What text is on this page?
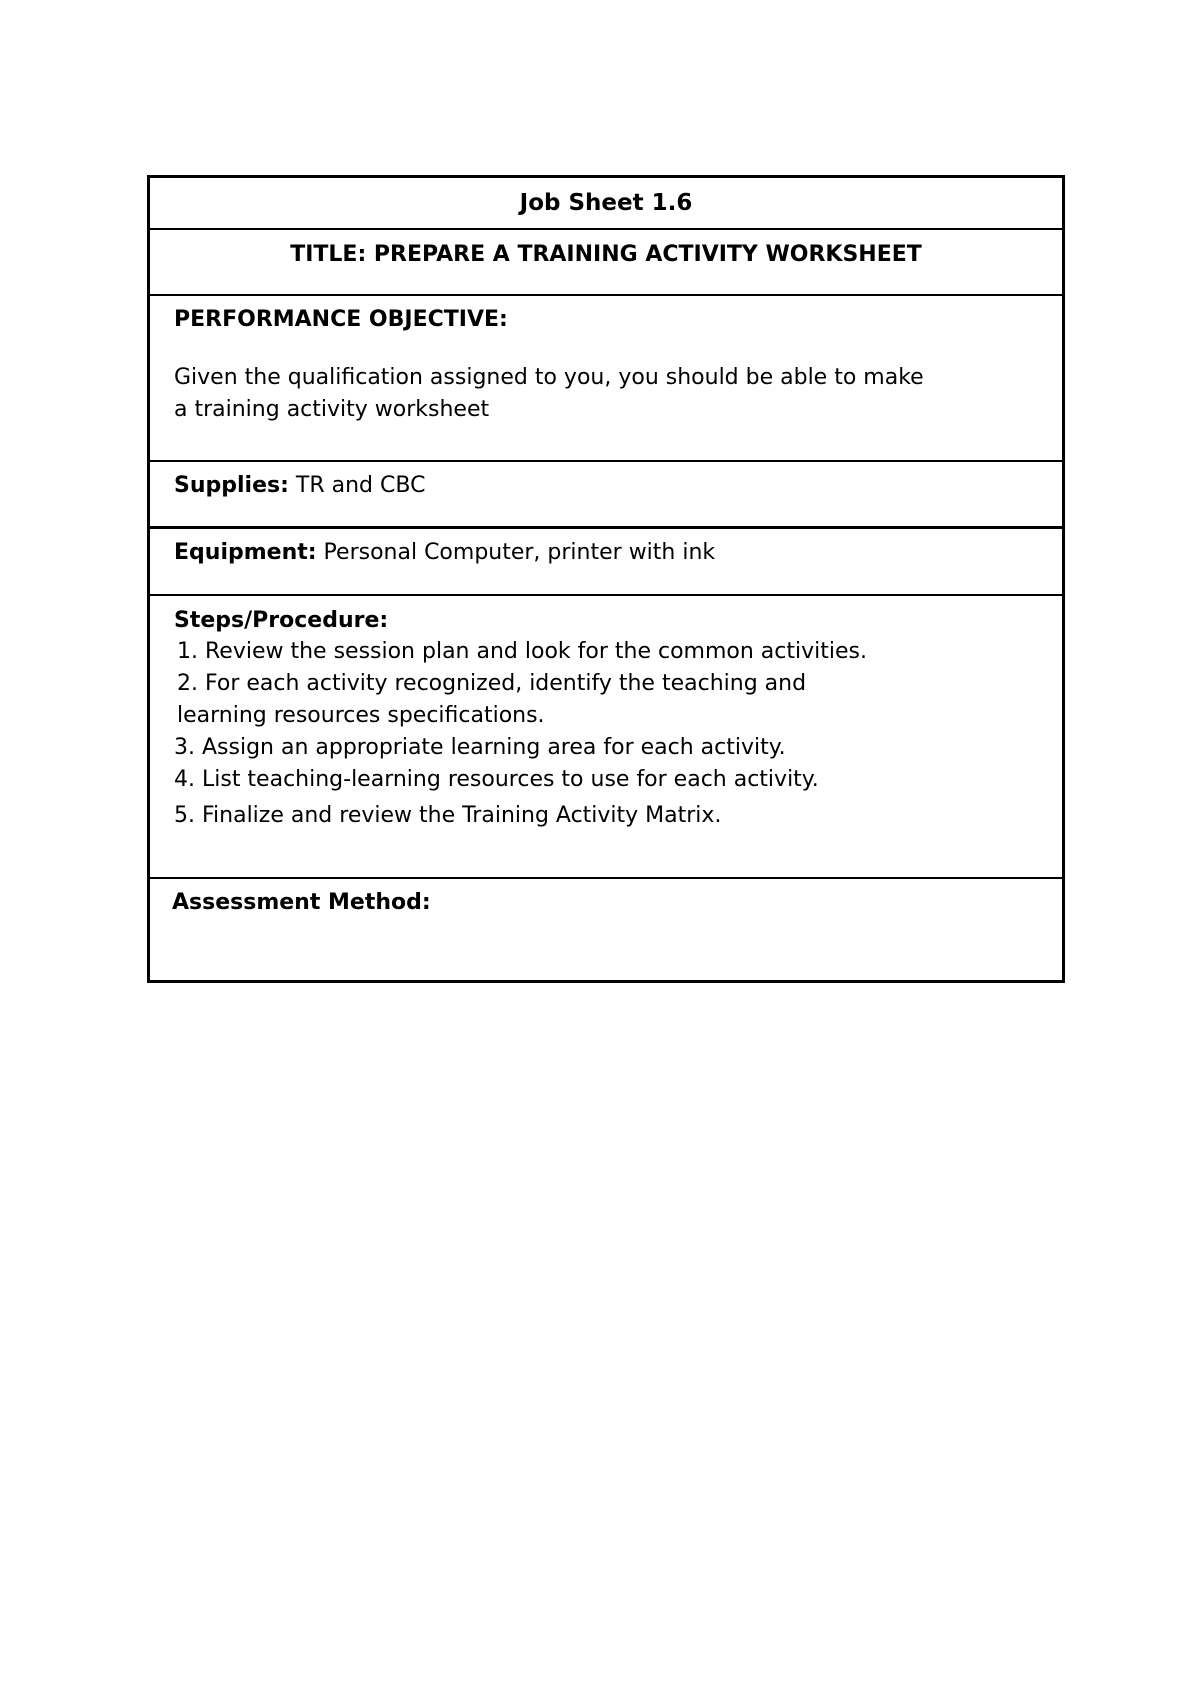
Job Sheet 1.6
TITLE: PREPARE A TRAINING ACTIVITY WORKSHEET
PERFORMANCE OBJECTIVE:
Given the qualification assigned to you, you should be able to make a training activity worksheet
Supplies: TR and CBC
Equipment: Personal Computer, printer with ink
Steps/Procedure:
1. Review the session plan and look for the common activities. 2. For each activity recognized, identify the teaching and learning resources specifications.
3. Assign an appropriate learning area for each activity.
4. List teaching-learning resources to use for each activity.
5. Finalize and review the Training Activity Matrix.
Assessment Method:
